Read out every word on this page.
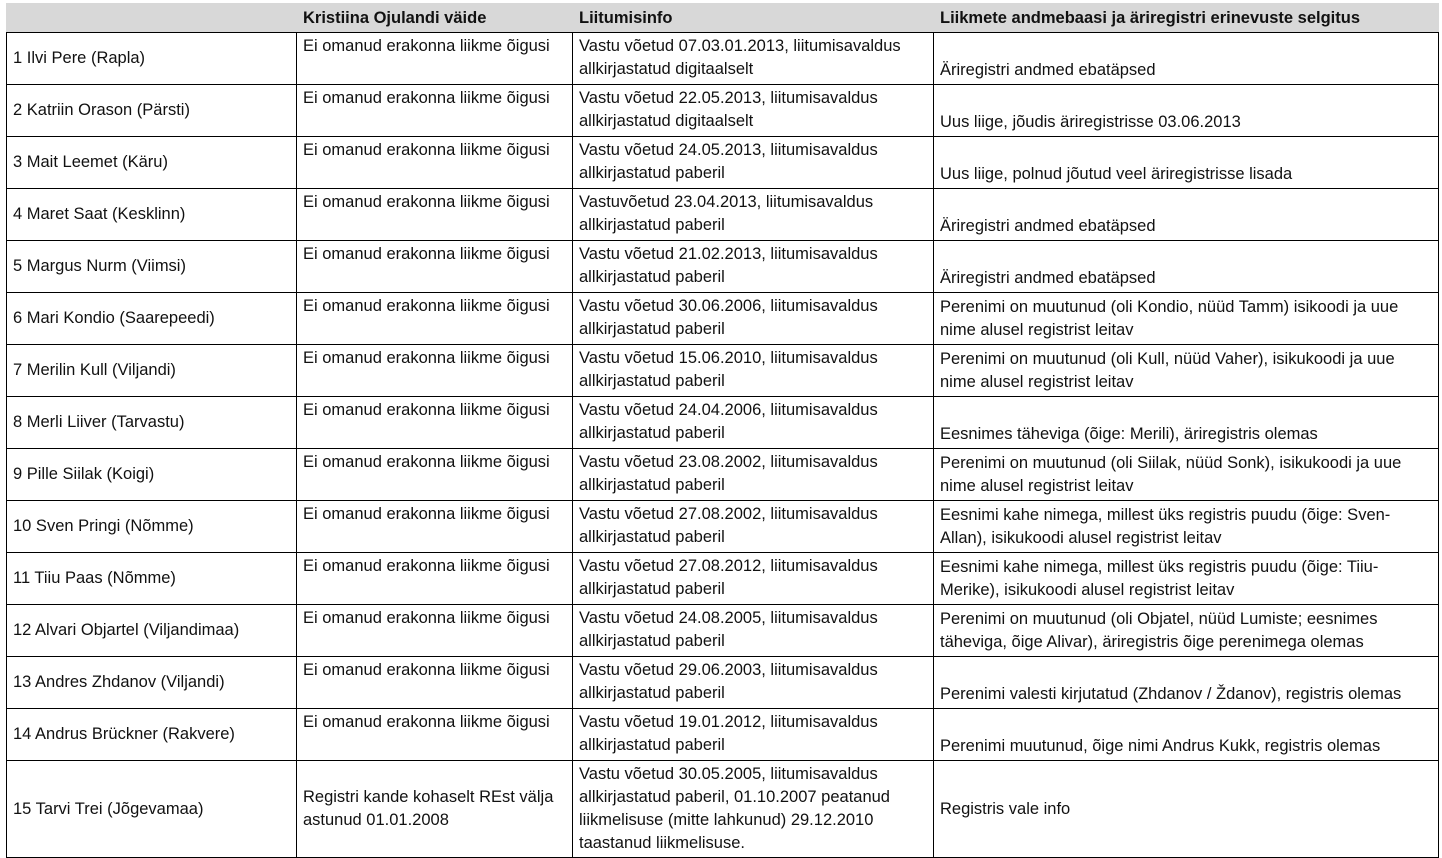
	Kristiina Ojulandi väide	Liitumisinfo	Liikmete andmebaasi ja äriregistri erinevuste selgitus
1 Ilvi Pere (Rapla)	Ei omanud erakonna liikme õigusi	Vastu võetud 07.03.01.2013, liitumisavaldus allkirjastatud digitaalselt	Äriregistri andmed ebatäpsed
2 Katriin Orason (Pärsti)	Ei omanud erakonna liikme õigusi	Vastu võetud 22.05.2013, liitumisavaldus allkirjastatud digitaalselt	Uus liige, jõudis äriregistrisse 03.06.2013
3 Mait Leemet (Käru)	Ei omanud erakonna liikme õigusi	Vastu võetud 24.05.2013, liitumisavaldus allkirjastatud paberil	Uus liige, polnud jõutud veel äriregistrisse lisada
4 Maret Saat (Kesklinn)	Ei omanud erakonna liikme õigusi	Vastuvõetud 23.04.2013, liitumisavaldus allkirjastatud paberil	Äriregistri andmed ebatäpsed
5 Margus Nurm (Viimsi)	Ei omanud erakonna liikme õigusi	Vastu võetud 21.02.2013, liitumisavaldus allkirjastatud paberil	Äriregistri andmed ebatäpsed
6 Mari Kondio (Saarepeedi)	Ei omanud erakonna liikme õigusi	Vastu võetud 30.06.2006, liitumisavaldus allkirjastatud paberil	Perenimi on muutunud (oli Kondio, nüüd Tamm) isikoodi ja uue nime alusel registrist leitav
7 Merilin Kull (Viljandi)	Ei omanud erakonna liikme õigusi	Vastu võetud 15.06.2010, liitumisavaldus allkirjastatud paberil	Perenimi on muutunud (oli Kull, nüüd Vaher), isikukoodi ja uue nime alusel registrist leitav
8 Merli Liiver (Tarvastu)	Ei omanud erakonna liikme õigusi	Vastu võetud 24.04.2006, liitumisavaldus allkirjastatud paberil	Eesnimes täheviga (õige: Merili), äriregistris olemas
9 Pille Siilak (Koigi)	Ei omanud erakonna liikme õigusi	Vastu võetud 23.08.2002, liitumisavaldus allkirjastatud paberil	Perenimi on muutunud (oli Siilak, nüüd Sonk), isikukoodi ja uue nime alusel registrist leitav
10 Sven Pringi (Nõmme)	Ei omanud erakonna liikme õigusi	Vastu võetud 27.08.2002, liitumisavaldus allkirjastatud paberil	Eesnimi kahe nimega, millest üks registris puudu (õige: Sven-Allan), isikukoodi alusel registrist leitav
11 Tiiu Paas (Nõmme)	Ei omanud erakonna liikme õigusi	Vastu võetud 27.08.2012, liitumisavaldus allkirjastatud paberil	Eesnimi kahe nimega, millest üks registris puudu (õige: Tiiu-Merike), isikukoodi alusel registrist leitav
12 Alvari Objartel (Viljandimaa)	Ei omanud erakonna liikme õigusi	Vastu võetud 24.08.2005, liitumisavaldus allkirjastatud paberil	Perenimi on muutunud (oli Objatel, nüüd Lumiste; eesnimes täheviga, õige Alivar), äriregistris õige perenimega olemas
13 Andres Zhdanov (Viljandi)	Ei omanud erakonna liikme õigusi	Vastu võetud 29.06.2003, liitumisavaldus allkirjastatud paberil	Perenimi valesti kirjutatud (Zhdanov / Ždanov), registris olemas
14 Andrus Brückner (Rakvere)	Ei omanud erakonna liikme õigusi	Vastu võetud 19.01.2012, liitumisavaldus allkirjastatud paberil	Perenimi muutunud, õige nimi Andrus Kukk, registris olemas
15 Tarvi Trei (Jõgevamaa)	Registri kande kohaselt REst välja astunud 01.01.2008	Vastu võetud 30.05.2005, liitumisavaldus allkirjastatud paberil, 01.10.2007 peatanud liikmelisuse (mitte lahkunud) 29.12.2010 taastanud liikmelisuse.	Registris vale info
